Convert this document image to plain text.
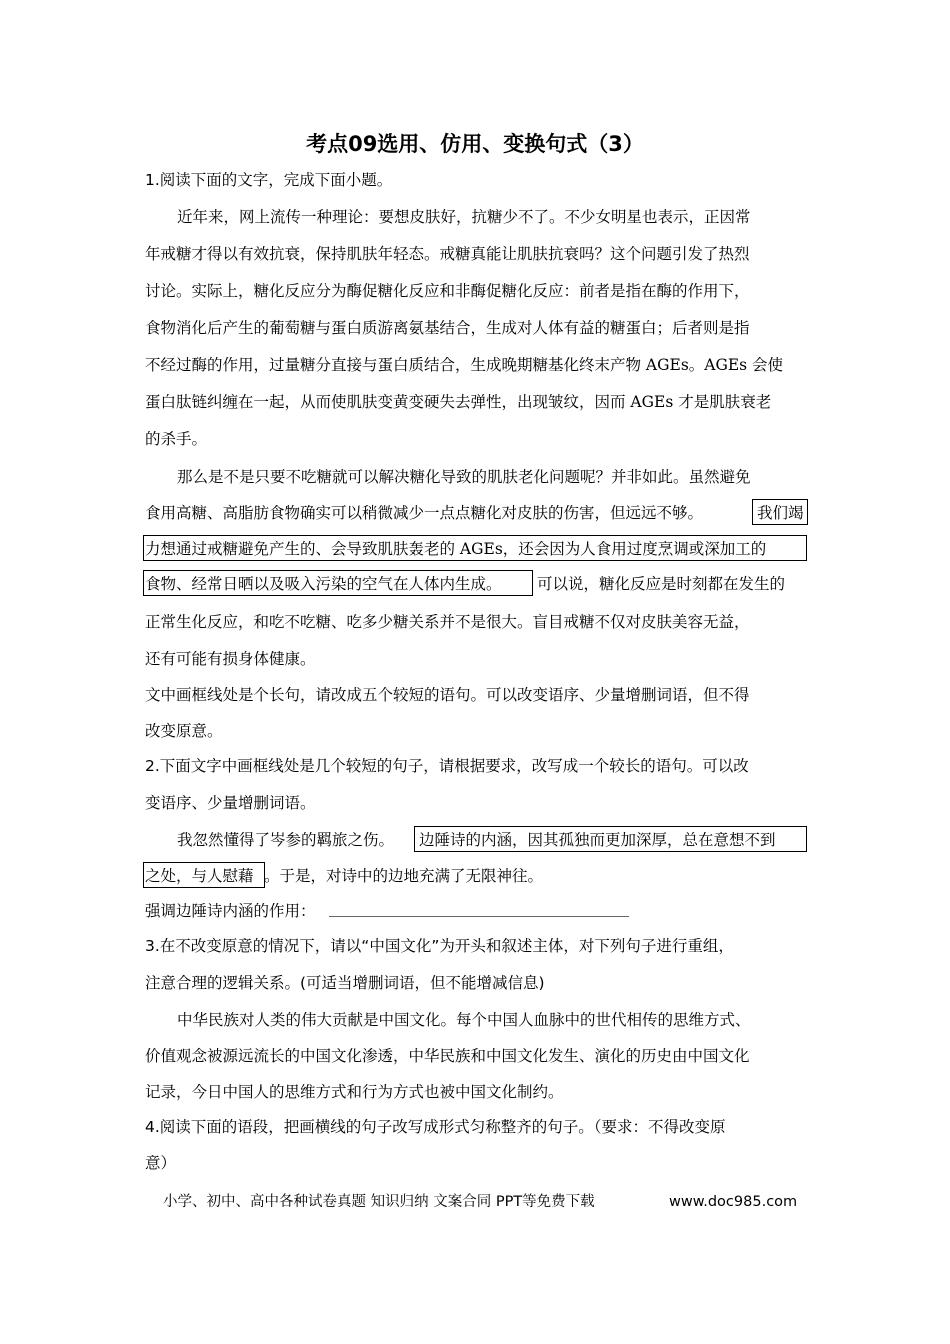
考点09选用、仿用、变换句式（3）
1.阅读下面的文字，完成下面小题。
近年来，网上流传一种理论：要想皮肤好，抗糖少不了。不少女明星也表示，正因常
年戒糖才得以有效抗衰，保持肌肤年轻态。戒糖真能让肌肤抗衰吗？这个问题引发了热烈
讨论。实际上，糖化反应分为酶促糖化反应和非酶促糖化反应：前者是指在酶的作用下，
食物消化后产生的葡萄糖与蛋白质游离氨基结合，生成对人体有益的糖蛋白；后者则是指
不经过酶的作用，过量糖分直接与蛋白质结合，生成晚期糖基化终末产物 AGEs。AGEs 会使
蛋白肽链纠缠在一起，从而使肌肤变黄变硬失去弹性，出现皱纹，因而 AGEs 才是肌肤衰老
的杀手。
那么是不是只要不吃糖就可以解决糖化导致的肌肤老化问题呢？并非如此。虽然避免
食用高糖、高脂肪食物确实可以稍微减少一点点糖化对皮肤的伤害，但远远不够。	我们竭
力想通过戒糖避免产生的、会导致肌肤轰老的 AGEs，还会因为人食用过度烹调或深加工的
食物、经常日晒以及吸入污染的空气在人体内生成。 可以说，糖化反应是时刻都在发生的
正常生化反应，和吃不吃糖、吃多少糖关系并不是很大。盲目戒糖不仅对皮肤美容无益，
还有可能有损身体健康。
文中画框线处是个长句，请改成五个较短的语句。可以改变语序、少量增删词语，但不得
改变原意。
2.下面文字中画框线处是几个较短的句子，请根据要求，改写成一个较长的语句。可以改
变语序、少量增删词语。
我忽然懂得了岑参的羁旅之伤。 边陲诗的内涵，因其孤独而更加深厚，总在意想不到
之处，与人慰藉 。于是，对诗中的边地充满了无限神往。
强调边陲诗内涵的作用：
3.在不改变原意的情况下，请以“中国文化”为开头和叙述主体，对下列句子进行重组，
注意合理的逻辑关系。(可适当增删词语，但不能增减信息)
中华民族对人类的伟大贡献是中国文化。每个中国人血脉中的世代相传的思维方式、
价值观念被源远流长的中国文化渗透，中华民族和中国文化发生、演化的历史由中国文化
记录，今日中国人的思维方式和行为方式也被中国文化制约。
4.阅读下面的语段，把画横线的句子改写成形式匀称整齐的句子。（要求：不得改变原
意）
小学、初中、高中各种试卷真题 知识归纳 文案合同 PPT等免费下载	www.doc985.com
